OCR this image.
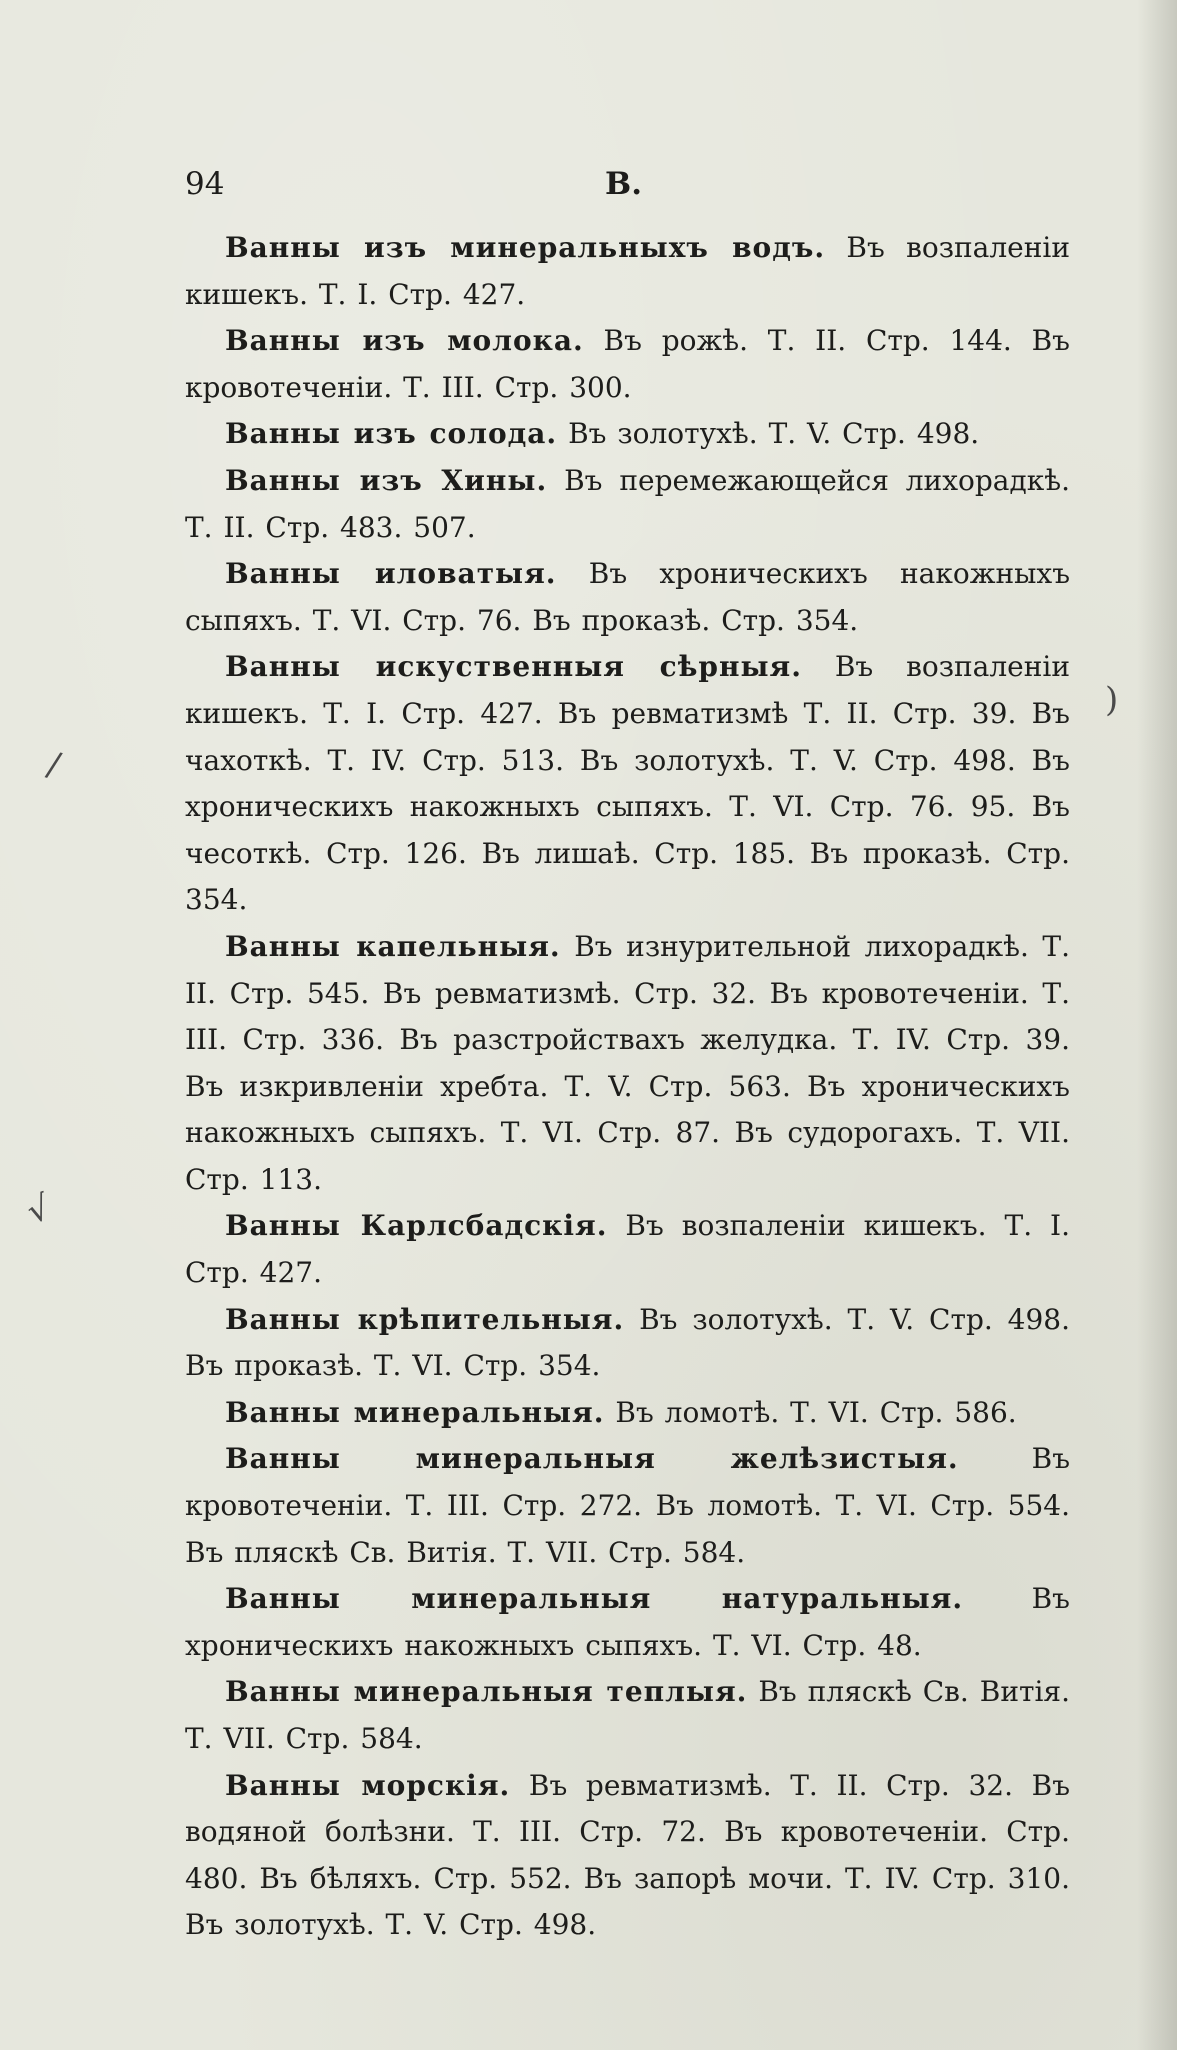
94	В.

Ванны изъ минеральныхъ водъ. Въ возпаленіи кишекъ. Т. I. Стр. 427.

Ванны изъ молока. Въ рожѣ. Т. II. Стр. 144. Въ кровотеченіи. Т. III. Стр. 300.

Ванны изъ солода. Въ золотухѣ. Т. V. Стр. 498.

Ванны изъ Хины. Въ перемежающейся лихорадкѣ. Т. II. Стр. 483. 507.

Ванны иловатыя. Въ хроническихъ накожныхъ сыпяхъ. Т. VI. Стр. 76. Въ проказѣ. Стр. 354.

Ванны искуственныя сѣрныя. Въ возпаленіи кишекъ. Т. I. Стр. 427. Въ ревматизмѣ Т. II. Стр. 39. Въ чахоткѣ. Т. IV. Стр. 513. Въ золотухѣ. Т. V. Стр. 498. Въ хроническихъ накожныхъ сыпяхъ. Т. VI. Стр. 76. 95. Въ чесоткѣ. Стр. 126. Въ лишаѣ. Стр. 185. Въ проказѣ. Стр. 354.

Ванны капельныя. Въ изнурительной лихорадкѣ. Т. II. Стр. 545. Въ ревматизмѣ. Стр. 32. Въ кровотеченіи. Т. III. Стр. 336. Въ разстройствахъ желудка. Т. IV. Стр. 39. Въ изкривленіи хребта. Т. V. Стр. 563. Въ хроническихъ накожныхъ сыпяхъ. Т. VI. Стр. 87. Въ судорогахъ. Т. VII. Стр. 113.

Ванны Карлсбадскія. Въ возпаленіи кишекъ. Т. I. Стр. 427.

Ванны крѣпительныя. Въ золотухѣ. Т. V. Стр. 498. Въ проказѣ. Т. VI. Стр. 354.

Ванны минеральныя. Въ ломотѣ. Т. VI. Стр. 586.

Ванны минеральныя желѣзистыя. Въ кровотеченіи. Т. III. Стр. 272. Въ ломотѣ. Т. VI. Стр. 554. Въ пляскѣ Св. Витія. Т. VII. Стр. 584.

Ванны минеральныя натуральныя. Въ хроническихъ накожныхъ сыпяхъ. Т. VI. Стр. 48.

Ванны минеральныя теплыя. Въ пляскѣ Св. Витія. Т. VII. Стр. 584.

Ванны морскія. Въ ревматизмѣ. Т. II. Стр. 32. Въ водяной болѣзни. Т. III. Стр. 72. Въ кровотеченіи. Стр. 480. Въ бѣляхъ. Стр. 552. Въ запорѣ мочи. Т. IV. Стр. 310. Въ золотухѣ. Т. V. Стр. 498.

)
/
√
